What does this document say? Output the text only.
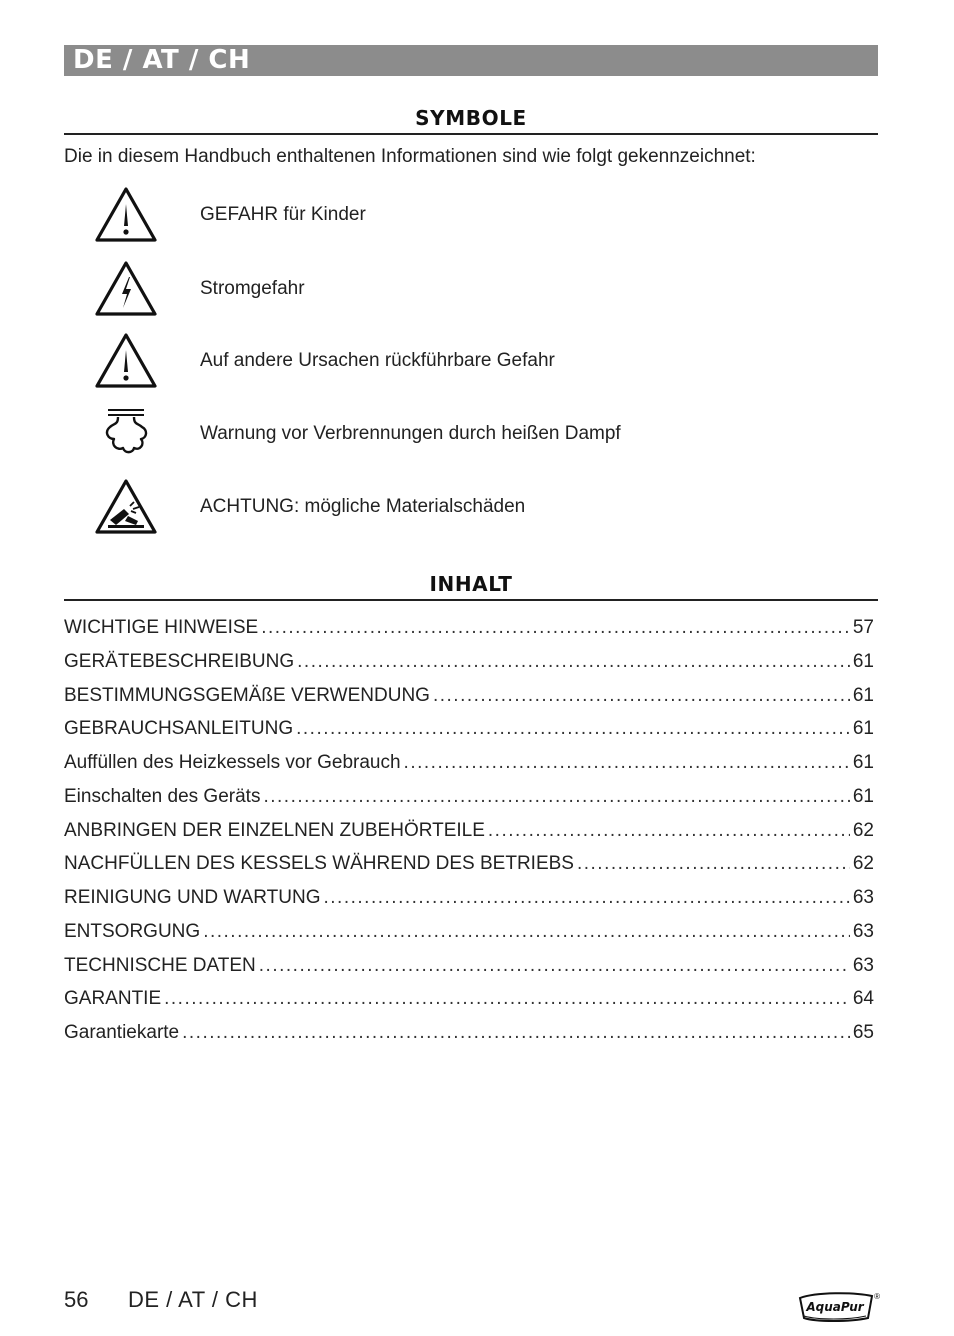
DE / AT / CH
SYMBOLE
Die in diesem Handbuch enthaltenen Informationen sind wie folgt gekennzeichnet:
GEFAHR für Kinder
Stromgefahr
Auf andere Ursachen rückführbare Gefahr
Warnung vor Verbrennungen durch heißen Dampf
ACHTUNG: mögliche Materialschäden
INHALT
WICHTIGE HINWEISE .....	57
GERÄTEBESCHREIBUNG .....	61
BESTIMMUNGSGEMÄßE VERWENDUNG .....	61
GEBRAUCHSANLEITUNG .....	61
Auffüllen des Heizkessels vor Gebrauch .....	61
Einschalten des Geräts .....	61
ANBRINGEN DER EINZELNEN ZUBEHÖRTEILE .....	62
NACHFÜLLEN DES KESSELS WÄHREND DES BETRIEBS .....	62
REINIGUNG UND WARTUNG .....	63
ENTSORGUNG .....	63
TECHNISCHE DATEN .....	63
GARANTIE .....	64
Garantiekarte .....	65
56 DE / AT / CH	AquaPur
®
